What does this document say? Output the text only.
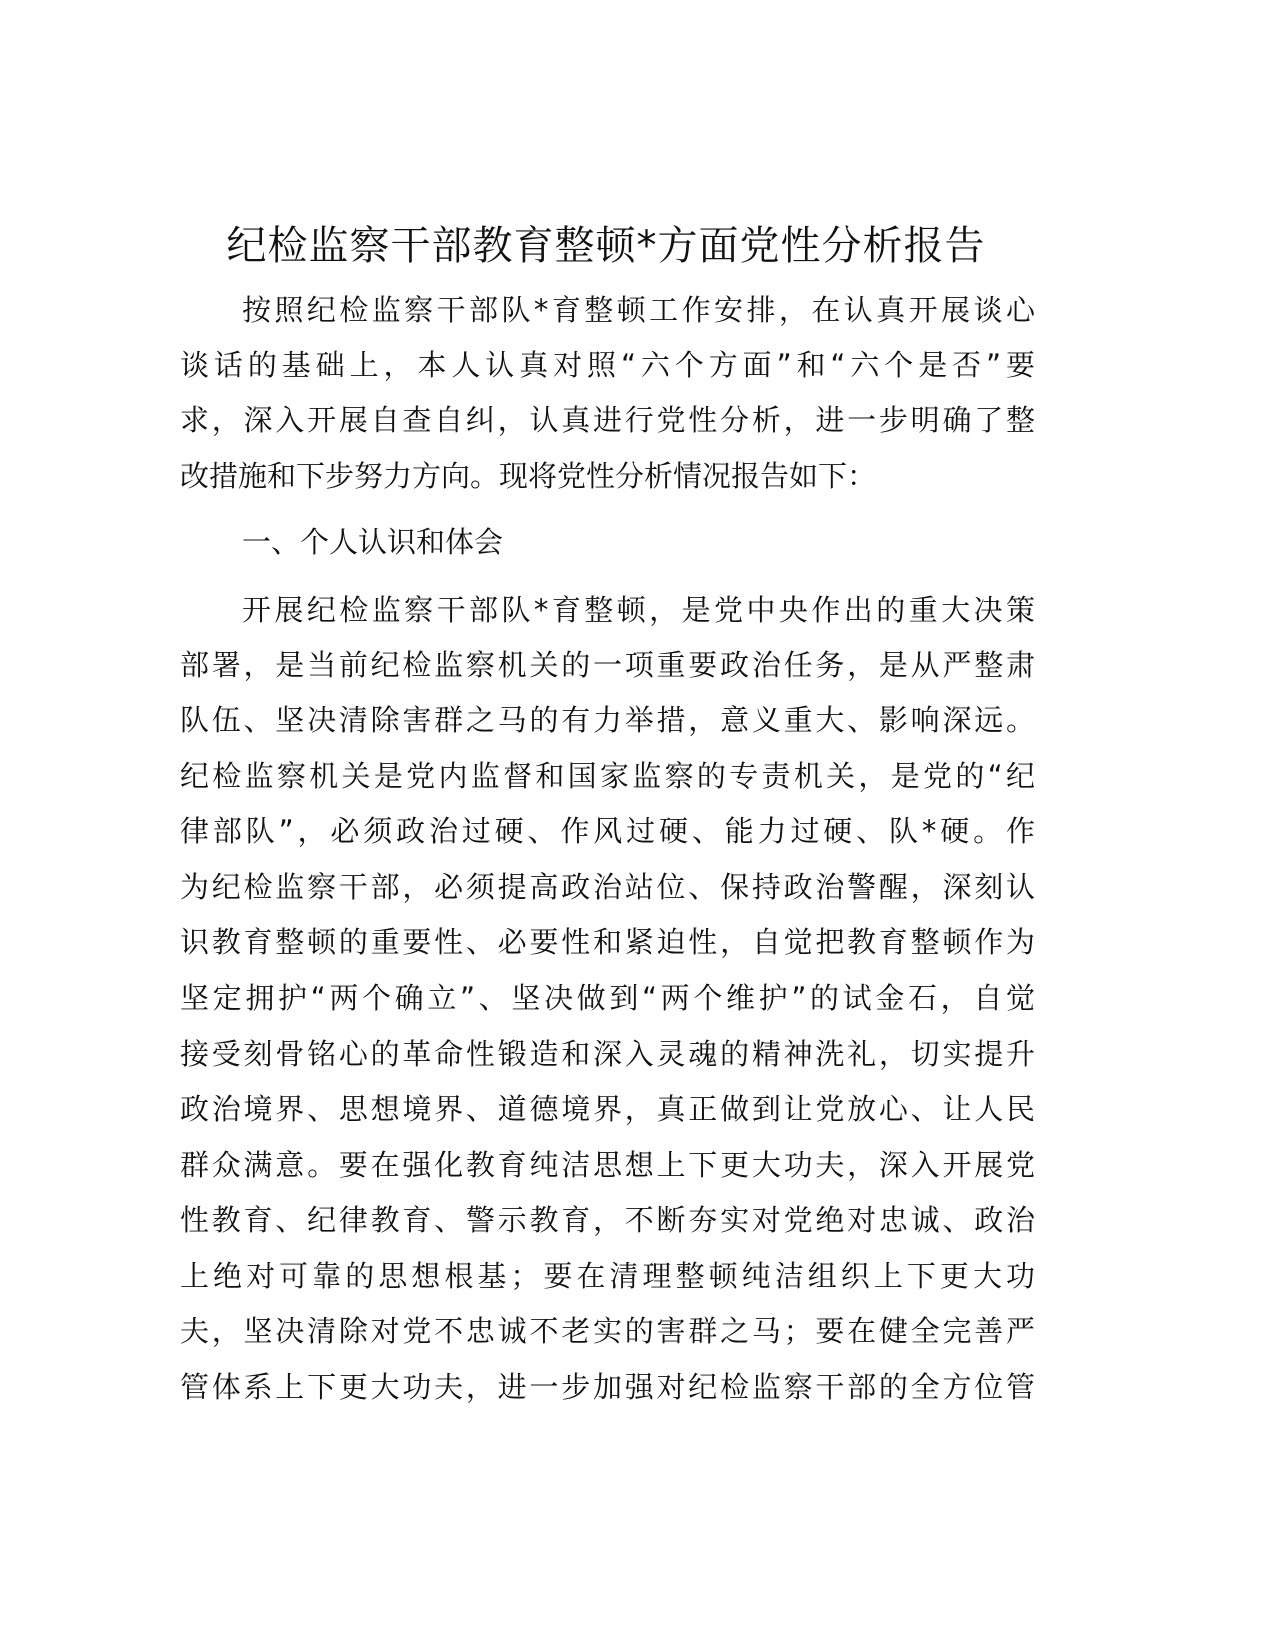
纪检监察干部教育整顿*方面党性分析报告
按照纪检监察干部队*育整顿工作安排，在认真开展谈心
谈话的基础上，本人认真对照“六个方面”和“六个是否”要
求，深入开展自查自纠，认真进行党性分析，进一步明确了整
改措施和下步努力方向。现将党性分析情况报告如下：
一、个人认识和体会
开展纪检监察干部队*育整顿，是党中央作出的重大决策
部署，是当前纪检监察机关的一项重要政治任务，是从严整肃
队伍、坚决清除害群之马的有力举措，意义重大、影响深远。
纪检监察机关是党内监督和国家监察的专责机关，是党的“纪
律部队”，必须政治过硬、作风过硬、能力过硬、队*硬。作
为纪检监察干部，必须提高政治站位、保持政治警醒，深刻认
识教育整顿的重要性、必要性和紧迫性，自觉把教育整顿作为
坚定拥护“两个确立”、坚决做到“两个维护”的试金石，自觉
接受刻骨铭心的革命性锻造和深入灵魂的精神洗礼，切实提升
政治境界、思想境界、道德境界，真正做到让党放心、让人民
群众满意。要在强化教育纯洁思想上下更大功夫，深入开展党
性教育、纪律教育、警示教育，不断夯实对党绝对忠诚、政治
上绝对可靠的思想根基；要在清理整顿纯洁组织上下更大功
夫，坚决清除对党不忠诚不老实的害群之马；要在健全完善严
管体系上下更大功夫，进一步加强对纪检监察干部的全方位管
